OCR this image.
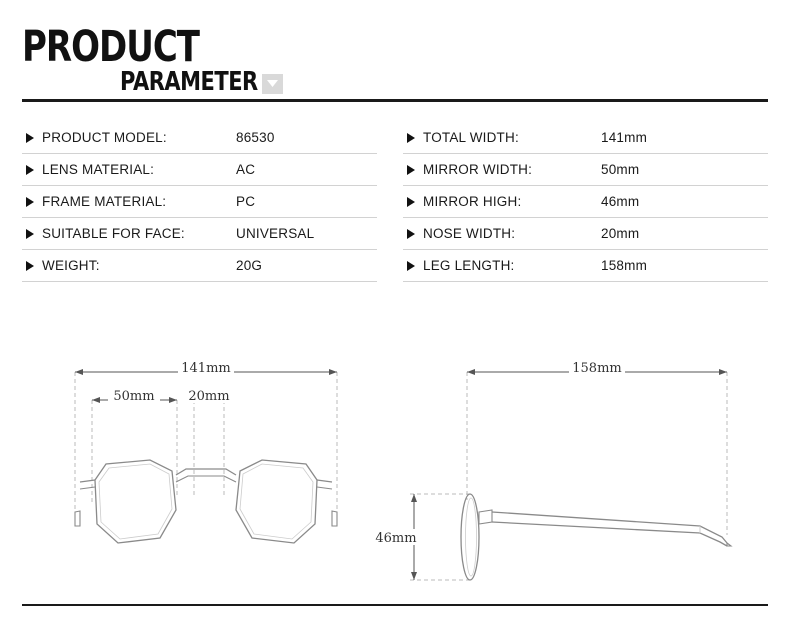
PRODUCT
PARAMETER
PRODUCT MODEL:	86530
LENS MATERIAL:	AC
FRAME MATERIAL:	PC
SUITABLE FOR FACE:	UNIVERSAL
WEIGHT:	20G
TOTAL WIDTH:	141mm
MIRROR WIDTH:	50mm
MIRROR HIGH:	46mm
NOSE WIDTH:	20mm
LEG LENGTH:	158mm
141mm
50mm	20mm
158mm
46mm
